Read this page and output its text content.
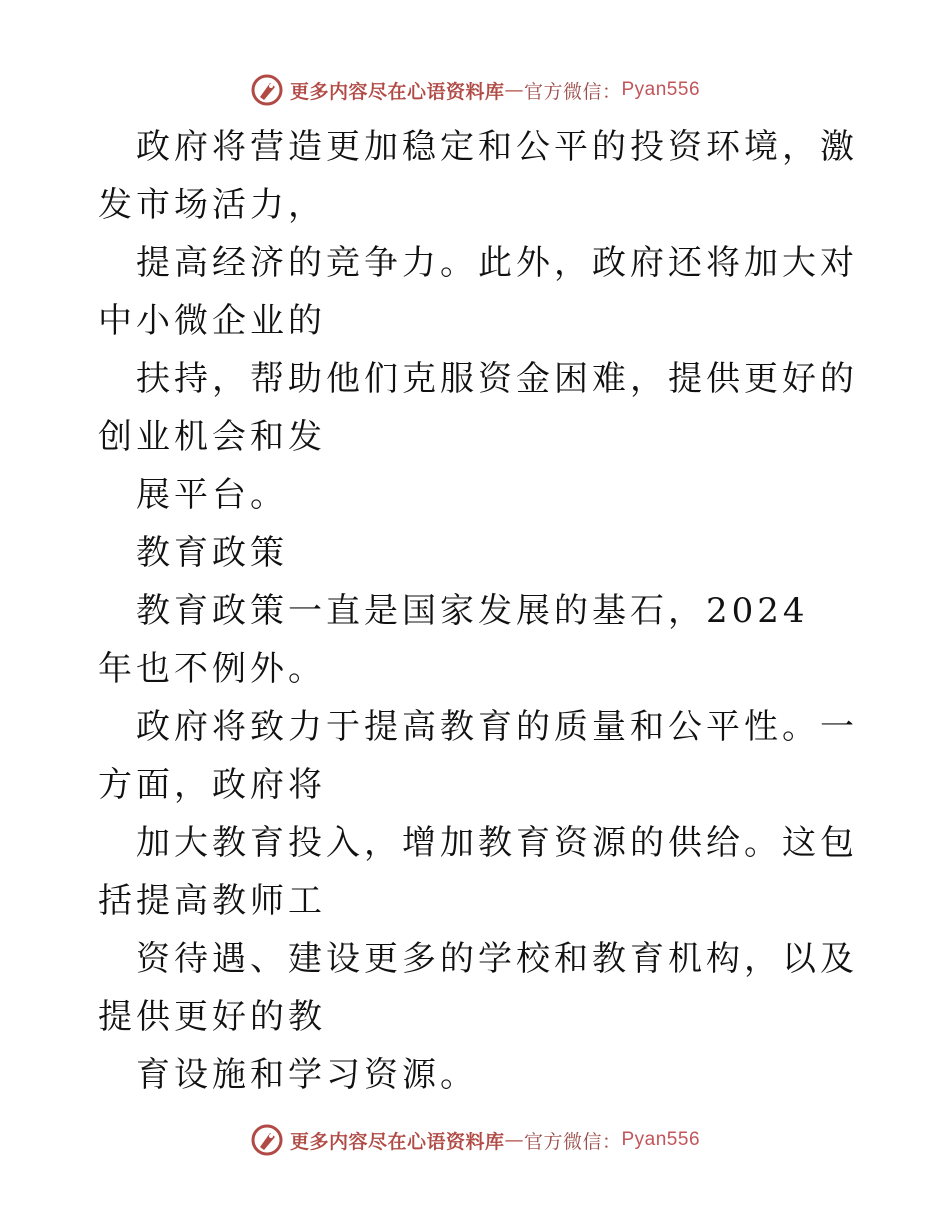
更多内容尽在心语资料库 — 官方微信： Pyan556

政府将营造更加稳定和公平的投资环境，激发市场活力，

提高经济的竞争力。此外，政府还将加大对中小微企业的

扶持，帮助他们克服资金困难，提供更好的创业机会和发

展平台。

教育政策

教育政策一直是国家发展的基石，2024 年也不例外。

政府将致力于提高教育的质量和公平性。一方面，政府将

加大教育投入，增加教育资源的供给。这包括提高教师工

资待遇、建设更多的学校和教育机构，以及提供更好的教

育设施和学习资源。

更多内容尽在心语资料库 — 官方微信： Pyan556
